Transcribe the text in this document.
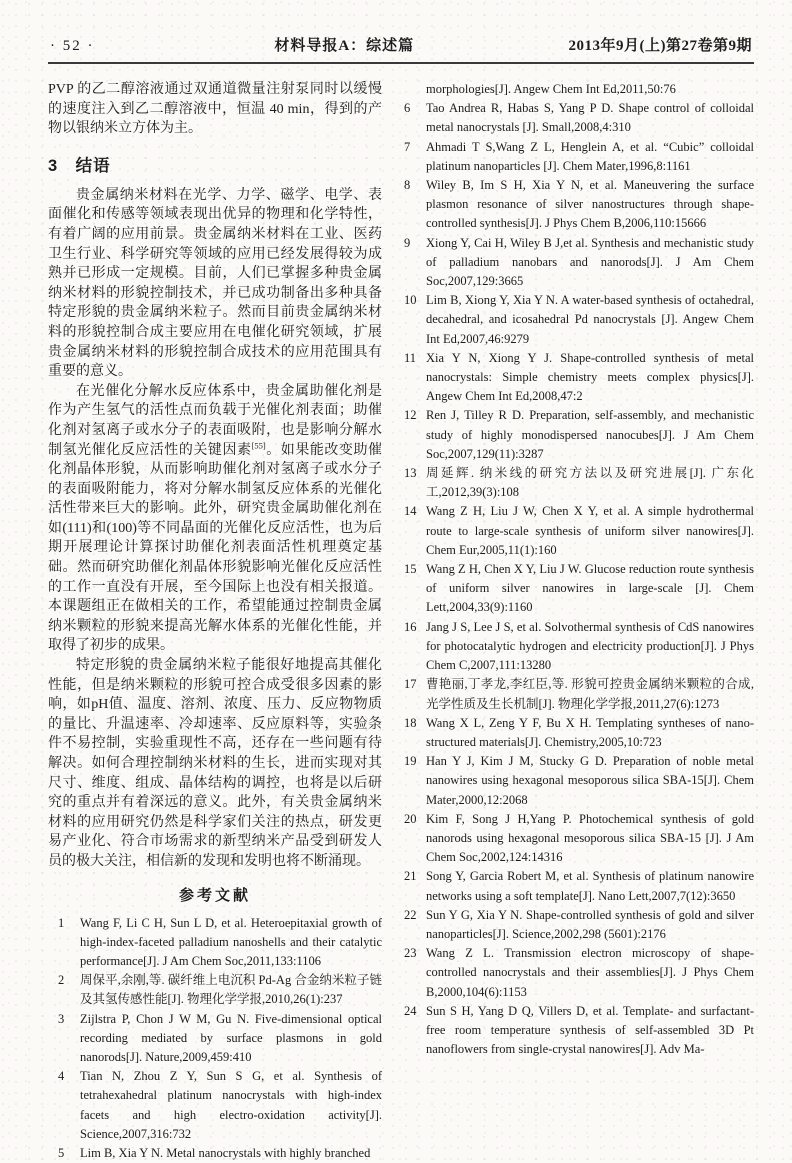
· 52 ·	材料导报A：综述篇	2013年9月(上)第27卷第9期

PVP 的乙二醇溶液通过双通道微量注射泵同时以缓慢的速度注入到乙二醇溶液中，恒温 40 min，得到的产物以银纳米立方体为主。

3　结语

贵金属纳米材料在光学、力学、磁学、电学、表面催化和传感等领域表现出优异的物理和化学特性，有着广阔的应用前景。贵金属纳米材料在工业、医药卫生行业、科学研究等领域的应用已经发展得较为成熟并已形成一定规模。目前，人们已掌握多种贵金属纳米材料的形貌控制技术，并已成功制备出多种具备特定形貌的贵金属纳米粒子。然而目前贵金属纳米材料的形貌控制合成主要应用在电催化研究领域，扩展贵金属纳米材料的形貌控制合成技术的应用范围具有重要的意义。

在光催化分解水反应体系中，贵金属助催化剂是作为产生氢气的活性点而负载于光催化剂表面；助催化剂对氢离子或水分子的表面吸附，也是影响分解水制氢光催化反应活性的关键因素[55]。如果能改变助催化剂晶体形貌，从而影响助催化剂对氢离子或水分子的表面吸附能力，将对分解水制氢反应体系的光催化活性带来巨大的影响。此外，研究贵金属助催化剂在如(111)和(100)等不同晶面的光催化反应活性，也为后期开展理论计算探讨助催化剂表面活性机理奠定基础。然而研究助催化剂晶体形貌影响光催化反应活性的工作一直没有开展，至今国际上也没有相关报道。本课题组正在做相关的工作，希望能通过控制贵金属纳米颗粒的形貌来提高光解水体系的光催化性能，并取得了初步的成果。

特定形貌的贵金属纳米粒子能很好地提高其催化性能，但是纳米颗粒的形貌可控合成受很多因素的影响，如pH值、温度、溶剂、浓度、压力、反应物物质的量比、升温速率、冷却速率、反应原料等，实验条件不易控制，实验重现性不高，还存在一些问题有待解决。如何合理控制纳米材料的生长，进而实现对其尺寸、维度、组成、晶体结构的调控，也将是以后研究的重点并有着深远的意义。此外，有关贵金属纳米材料的应用研究仍然是科学家们关注的热点，研发更易产业化、符合市场需求的新型纳米产品受到研发人员的极大关注，相信新的发现和发明也将不断涌现。

参考文献
1	Wang F, Li C H, Sun L D, et al. Heteroepitaxial growth of high-index-faceted palladium nanoshells and their catalytic performance[J]. J Am Chem Soc,2011,133:1106
2	周保平,余刚,等. 碳纤维上电沉积 Pd-Ag 合金纳米粒子链及其氢传感性能[J]. 物理化学学报,2010,26(1):237
3	Zijlstra P, Chon J W M, Gu N. Five-dimensional optical recording mediated by surface plasmons in gold nanorods[J]. Nature,2009,459:410
4	Tian N, Zhou Z Y, Sun S G, et al. Synthesis of tetrahexahedral platinum nanocrystals with high-index facets and high electro-oxidation activity[J]. Science,2007,316:732
5	Lim B, Xia Y N. Metal nanocrystals with highly branched
morphologies[J]. Angew Chem Int Ed,2011,50:76
6	Tao Andrea R, Habas S, Yang P D. Shape control of colloidal metal nanocrystals [J]. Small,2008,4:310
7	Ahmadi T S,Wang Z L, Henglein A, et al. “Cubic” colloidal platinum nanoparticles [J]. Chem Mater,1996,8:1161
8	Wiley B, Im S H, Xia Y N, et al. Maneuvering the surface plasmon resonance of silver nanostructures through shape-controlled synthesis[J]. J Phys Chem B,2006,110:15666
9	Xiong Y, Cai H, Wiley B J,et al. Synthesis and mechanistic study of palladium nanobars and nanorods[J]. J Am Chem Soc,2007,129:3665
10 Lim B, Xiong Y, Xia Y N. A water-based synthesis of octahedral, decahedral, and icosahedral Pd nanocrystals [J]. Angew Chem Int Ed,2007,46:9279
11 Xia Y N, Xiong Y J. Shape-controlled synthesis of metal nanocrystals: Simple chemistry meets complex physics[J]. Angew Chem Int Ed,2008,47:2
12 Ren J, Tilley R D. Preparation, self-assembly, and mechanistic study of highly monodispersed nanocubes[J]. J Am Chem Soc,2007,129(11):3287
13 周延辉. 纳米线的研究方法以及研究进展[J]. 广东化工,2012,39(3):108
14 Wang Z H, Liu J W, Chen X Y, et al. A simple hydrothermal route to large-scale synthesis of uniform silver nanowires[J]. Chem Eur,2005,11(1):160
15 Wang Z H, Chen X Y, Liu J W. Glucose reduction route synthesis of uniform silver nanowires in large-scale [J]. Chem Lett,2004,33(9):1160
16 Jang J S, Lee J S, et al. Solvothermal synthesis of CdS nanowires for photocatalytic hydrogen and electricity production[J]. J Phys Chem C,2007,111:13280
17 曹艳丽,丁孝龙,李红臣,等. 形貌可控贵金属纳米颗粒的合成,光学性质及生长机制[J]. 物理化学学报,2011,27(6):1273
18 Wang X L, Zeng Y F, Bu X H. Templating syntheses of nano-structured materials[J]. Chemistry,2005,10:723
19 Han Y J, Kim J M, Stucky G D. Preparation of noble metal nanowires using hexagonal mesoporous silica SBA-15[J]. Chem Mater,2000,12:2068
20 Kim F, Song J H,Yang P. Photochemical synthesis of gold nanorods using hexagonal mesoporous silica SBA-15 [J]. J Am Chem Soc,2002,124:14316
21 Song Y, Garcia Robert M, et al. Synthesis of platinum nanowire networks using a soft template[J]. Nano Lett,2007,7(12):3650
22 Sun Y G, Xia Y N. Shape-controlled synthesis of gold and silver nanoparticles[J]. Science,2002,298 (5601):2176
23 Wang Z L. Transmission electron microscopy of shape-controlled nanocrystals and their assemblies[J]. J Phys Chem B,2000,104(6):1153
24 Sun S H, Yang D Q, Villers D, et al. Template- and surfactant-free room temperature synthesis of self-assembled 3D Pt nanoflowers from single-crystal nanowires[J]. Adv Ma-
